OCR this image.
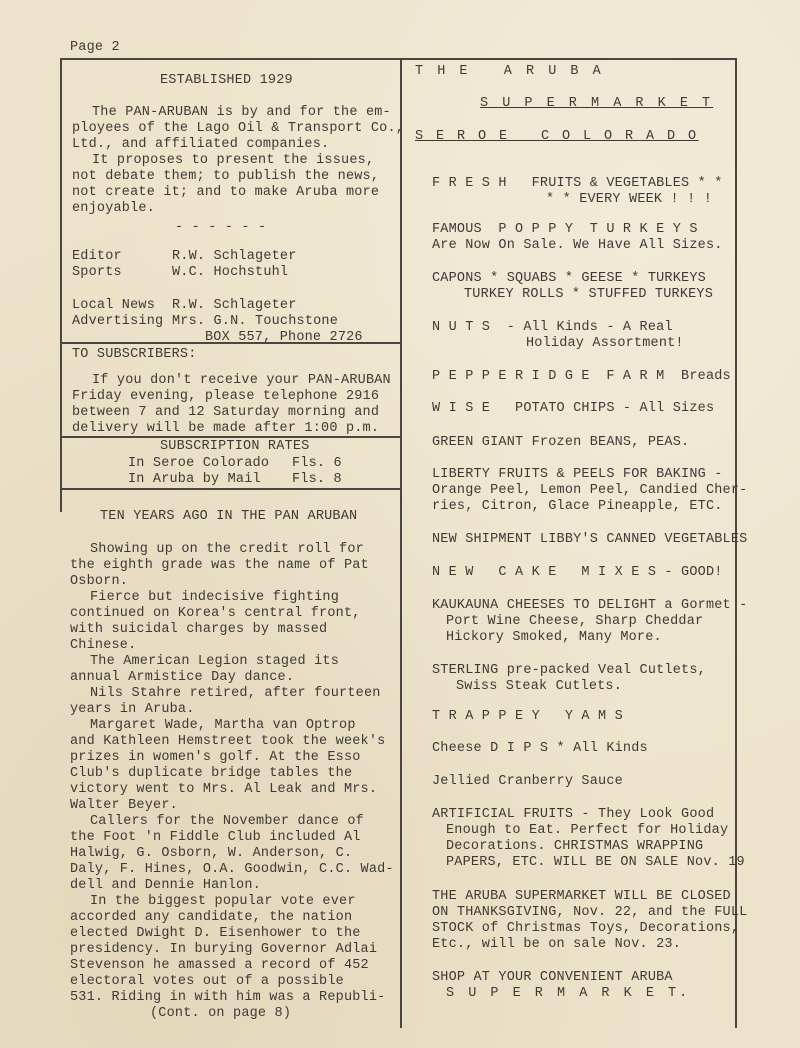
Page 2
ESTABLISHED 1929
The PAN-ARUBAN is by and for the em-
ployees of the Lago Oil & Transport Co.,
Ltd., and affiliated companies.
It proposes to present the issues,
not debate them; to publish the news,
not create it; and to make Aruba more
enjoyable.
- - - - - -
Editor	R.W. Schlageter
Sports	W.C. Hochstuhl
Local News R.W. Schlageter
Advertising Mrs. G.N. Touchstone
BOX 557, Phone 2726
TO SUBSCRIBERS:
If you don't receive your PAN-ARUBAN
Friday evening, please telephone 2916
between 7 and 12 Saturday morning and
delivery will be made after 1:00 p.m.
SUBSCRIPTION RATES
In Seroe Colorado Fls. 6
In Aruba by Mail Fls. 8
TEN YEARS AGO IN THE PAN ARUBAN
Showing up on the credit roll for
the eighth grade was the name of Pat
Osborn.
Fierce but indecisive fighting
continued on Korea's central front,
with suicidal charges by massed
Chinese.
The American Legion staged its
annual Armistice Day dance.
Nils Stahre retired, after fourteen
years in Aruba.
Margaret Wade, Martha van Optrop
and Kathleen Hemstreet took the week's
prizes in women's golf. At the Esso
Club's duplicate bridge tables the
victory went to Mrs. Al Leak and Mrs.
Walter Beyer.
Callers for the November dance of
the Foot 'n Fiddle Club included Al
Halwig, G. Osborn, W. Anderson, C.
Daly, F. Hines, O.A. Goodwin, C.C. Wad-
dell and Dennie Hanlon.
In the biggest popular vote ever
accorded any candidate, the nation
elected Dwight D. Eisenhower to the
presidency. In burying Governor Adlai
Stevenson he amassed a record of 452
electoral votes out of a possible
531. Riding in with him was a Republi-
(Cont. on page 8)
T H E   A R U B A
S U P E R M A R K E T
S E R O E   C O L O R A D O
F R E S H   FRUITS & VEGETABLES * *
* * EVERY WEEK ! ! !
FAMOUS  P O P P Y  T U R K E Y S
Are Now On Sale. We Have All Sizes.
CAPONS * SQUABS * GEESE * TURKEYS
TURKEY ROLLS * STUFFED TURKEYS
N U T S  - All Kinds - A Real
Holiday Assortment!
P E P P E R I D G E  F A R M  Breads
W I S E   POTATO CHIPS - All Sizes
GREEN GIANT Frozen BEANS, PEAS.
LIBERTY FRUITS & PEELS FOR BAKING -
Orange Peel, Lemon Peel, Candied Cher-
ries, Citron, Glace Pineapple, ETC.
NEW SHIPMENT LIBBY'S CANNED VEGETABLES
N E W   C A K E   M I X E S - GOOD!
KAUKAUNA CHEESES TO DELIGHT a Gormet -
Port Wine Cheese, Sharp Cheddar
Hickory Smoked, Many More.
STERLING pre-packed Veal Cutlets,
Swiss Steak Cutlets.
T R A P P E Y   Y A M S
Cheese D I P S * All Kinds
Jellied Cranberry Sauce
ARTIFICIAL FRUITS - They Look Good
Enough to Eat. Perfect for Holiday
Decorations. CHRISTMAS WRAPPING
PAPERS, ETC. WILL BE ON SALE Nov. 19
THE ARUBA SUPERMARKET WILL BE CLOSED
ON THANKSGIVING, Nov. 22, and the FULL
STOCK of Christmas Toys, Decorations,
Etc., will be on sale Nov. 23.
SHOP AT YOUR CONVENIENT ARUBA
S U P E R M A R K E T.
